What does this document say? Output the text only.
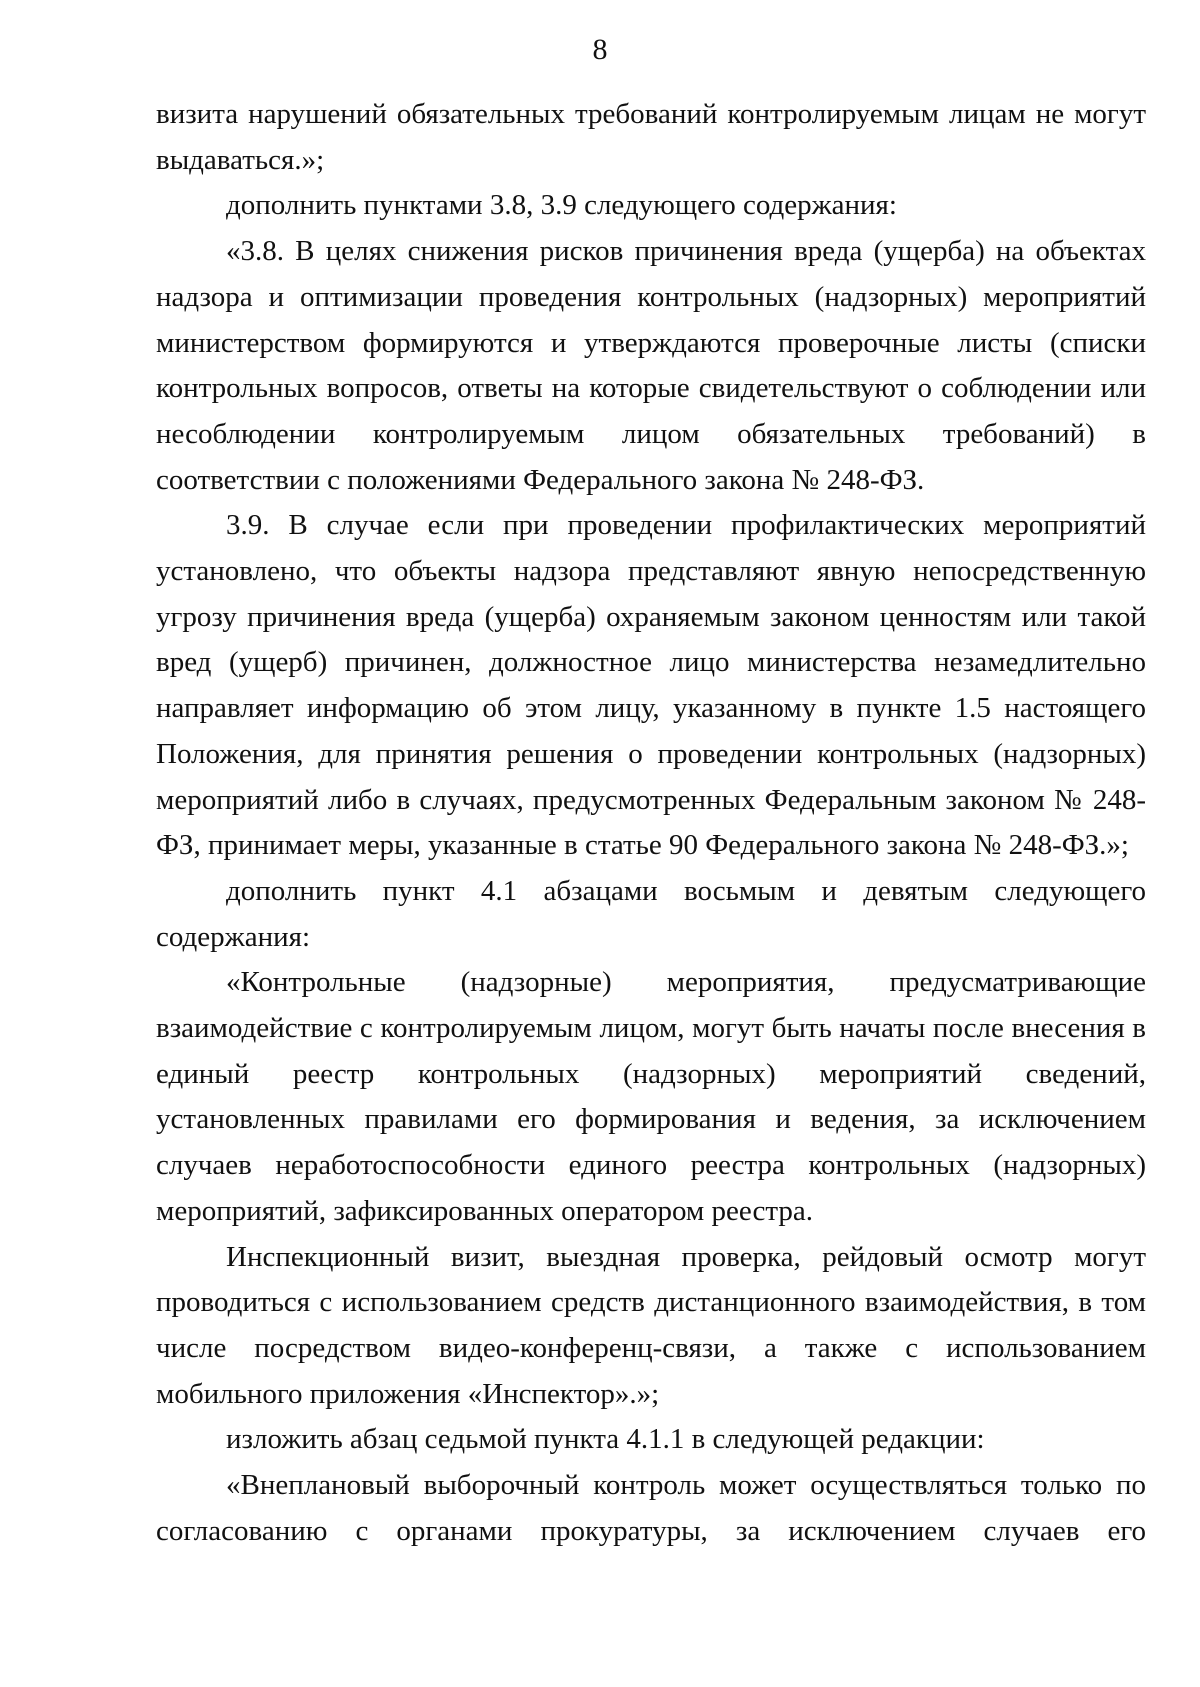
8

визита нарушений обязательных требований контролируемым лицам не могут выдаваться.»;

дополнить пунктами 3.8, 3.9 следующего содержания:

«3.8. В целях снижения рисков причинения вреда (ущерба) на объектах надзора и оптимизации проведения контрольных (надзорных) мероприятий министерством формируются и утверждаются проверочные листы (списки контрольных вопросов, ответы на которые свидетельствуют о соблюдении или несоблюдении контролируемым лицом обязательных требований) в соответствии с положениями Федерального закона № 248-ФЗ.

3.9. В случае если при проведении профилактических мероприятий установлено, что объекты надзора представляют явную непосредственную угрозу причинения вреда (ущерба) охраняемым законом ценностям или такой вред (ущерб) причинен, должностное лицо министерства незамедлительно направляет информацию об этом лицу, указанному в пункте 1.5 настоящего Положения, для принятия решения о проведении контрольных (надзорных) мероприятий либо в случаях, предусмотренных Федеральным законом № 248-ФЗ, принимает меры, указанные в статье 90 Федерального закона № 248-ФЗ.»;

дополнить пункт 4.1 абзацами восьмым и девятым следующего содержания:

«Контрольные (надзорные) мероприятия, предусматривающие взаимодействие с контролируемым лицом, могут быть начаты после внесения в единый реестр контрольных (надзорных) мероприятий сведений, установленных правилами его формирования и ведения, за исключением случаев неработоспособности единого реестра контрольных (надзорных) мероприятий, зафиксированных оператором реестра.

Инспекционный визит, выездная проверка, рейдовый осмотр могут проводиться с использованием средств дистанционного взаимодействия, в том числе посредством видео-конференц-связи, а также с использованием мобильного приложения «Инспектор».»;

изложить абзац седьмой пункта 4.1.1 в следующей редакции:

«Внеплановый выборочный контроль может осуществляться только по согласованию с органами прокуратуры, за исключением случаев его
